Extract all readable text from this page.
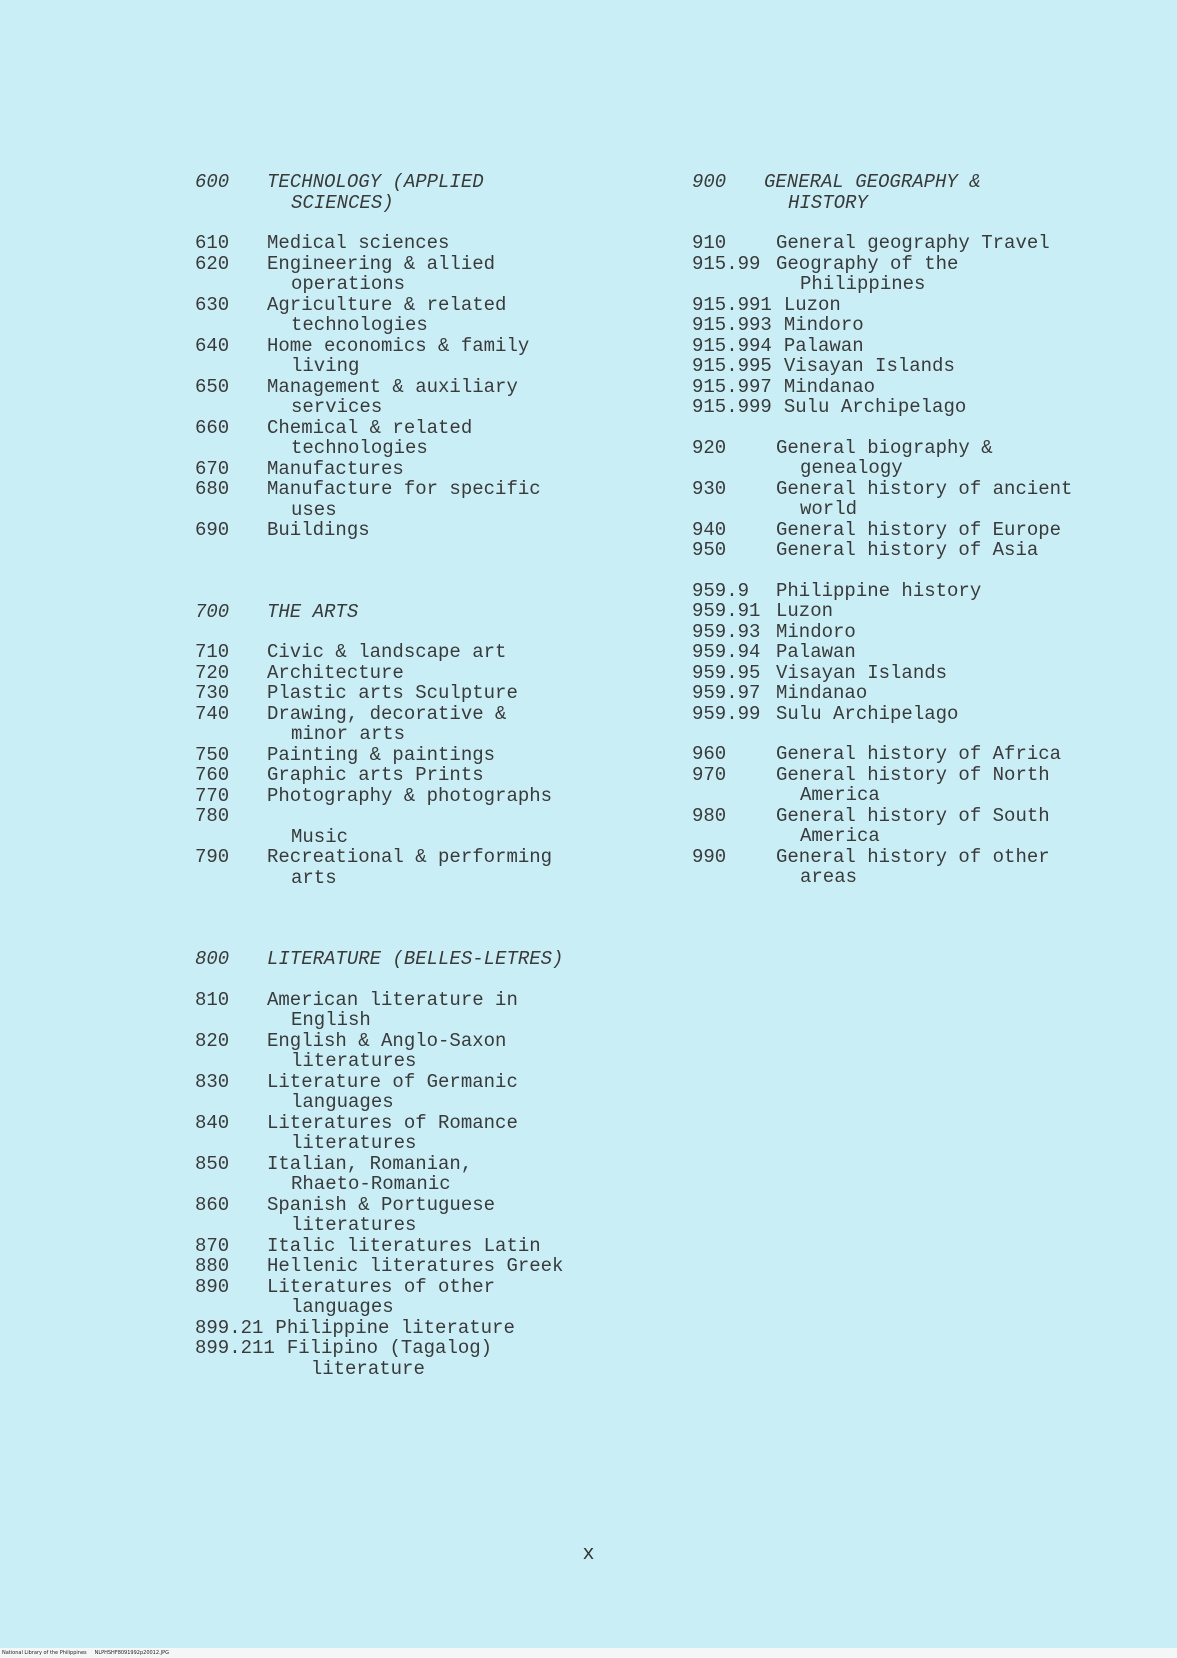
600	TECHNOLOGY (APPLIED
SCIENCES)
610	Medical sciences
620	Engineering & allied
operations
630	Agriculture & related
technologies
640	Home economics & family
living
650	Management & auxiliary
services
660	Chemical & related
technologies
670	Manufactures
680	Manufacture for specific
uses
690	Buildings
700	THE ARTS
710	Civic & landscape art
720	Architecture
730	Plastic arts Sculpture
740	Drawing, decorative &
minor arts
750	Painting & paintings
760	Graphic arts Prints
770	Photography & photographs
780
Music
790	Recreational & performing
arts
800	LITERATURE (BELLES-LETRES)
810	American literature in
English
820	English & Anglo-Saxon
literatures
830	Literature of Germanic
languages
840	Literatures of Romance
literatures
850	Italian, Romanian,
Rhaeto-Romanic
860	Spanish & Portuguese
literatures
870	Italic literatures Latin
880	Hellenic literatures Greek
890	Literatures of other
languages
899.21 Philippine literature
899.211 Filipino (Tagalog)
literature
900	GENERAL GEOGRAPHY &
HISTORY
910	General geography Travel
915.99 Geography of the
Philippines
915.991 Luzon
915.993 Mindoro
915.994 Palawan
915.995 Visayan Islands
915.997 Mindanao
915.999 Sulu Archipelago
920	General biography &
genealogy
930	General history of ancient
world
940	General history of Europe
950	General history of Asia
959.9	Philippine history
959.91 Luzon
959.93 Mindoro
959.94 Palawan
959.95 Visayan Islands
959.97 Mindanao
959.99 Sulu Archipelago
960	General history of Africa
970	General history of North
America
980	General history of South
America
990	General history of other
areas
x
National Library of the Philippines     NLPHSHF8091992p20012.JPG
